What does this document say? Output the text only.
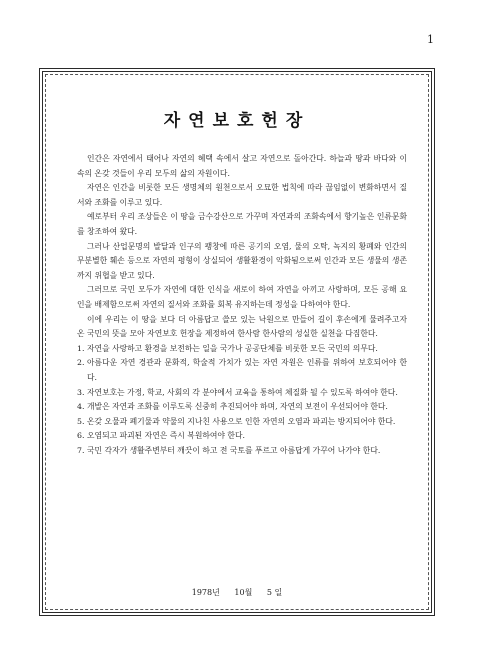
1
자연보호헌장

인간은 자연에서 태어나 자연의 혜택 속에서 살고 자연으로 돌아간다. 하늘과 땅과 바다와 이 속의 온갖 것들이 우리 모두의 삶의 자원이다.

자연은 인간을 비롯한 모든 생명체의 원천으로서 오묘한 법칙에 따라 끊임없이 변화하면서 질서와 조화를 이루고 있다.

예로부터 우리 조상들은 이 땅을 금수강산으로 가꾸며 자연과의 조화속에서 향기높은 인류문화를 창조하여 왔다.

그러나 산업문명의 발달과 인구의 팽창에 따른 공기의 오염, 물의 오탁, 녹지의 황폐와 인간의 무분별한 훼손 등으로 자연의 평형이 상실되어 생활환경이 악화됨으로써 인간과 모든 생물의 생존까지 위협을 받고 있다.

그러므로 국민 모두가 자연에 대한 인식을 새로이 하여 자연을 아끼고 사랑하며, 모든 공해 요인을 배제함으로써 자연의 질서와 조화를 회복 유지하는데 정성을 다하여야 한다.

이에 우리는 이 땅을 보다 더 아름답고 쓸모 있는 낙원으로 만들어 길이 후손에게 물려주고자 온 국민의 뜻을 모아 자연보호 헌장을 제정하여 한사람 한사람의 성실한 실천을 다짐한다.

1. 자연을 사랑하고 환경을 보전하는 일을 국가나 공공단체를 비롯한 모든 국민의 의무다.
2. 아름다운 자연 경관과 문화적, 학술적 가치가 있는 자연 자원은 인류를 위하여 보호되어야 한다.
3. 자연보호는 가정, 학교, 사회의 각 분야에서 교육을 통하여 체질화 될 수 있도록 하여야 한다.
4. 개발은 자연과 조화를 이루도록 신중히 추진되어야 하며, 자연의 보전이 우선되어야 한다.
5. 온갖 오물과 폐기물과 약물의 지나친 사용으로 인한 자연의 오염과 파괴는 방지되어야 한다.
6. 오염되고 파괴된 자연은 즉시 복원하여야 한다.
7. 국민 각자가 생활주변부터 깨끗이 하고 전 국토를 푸르고 아름답게 가꾸어 나가야 한다.
1978년 10월 5 일
